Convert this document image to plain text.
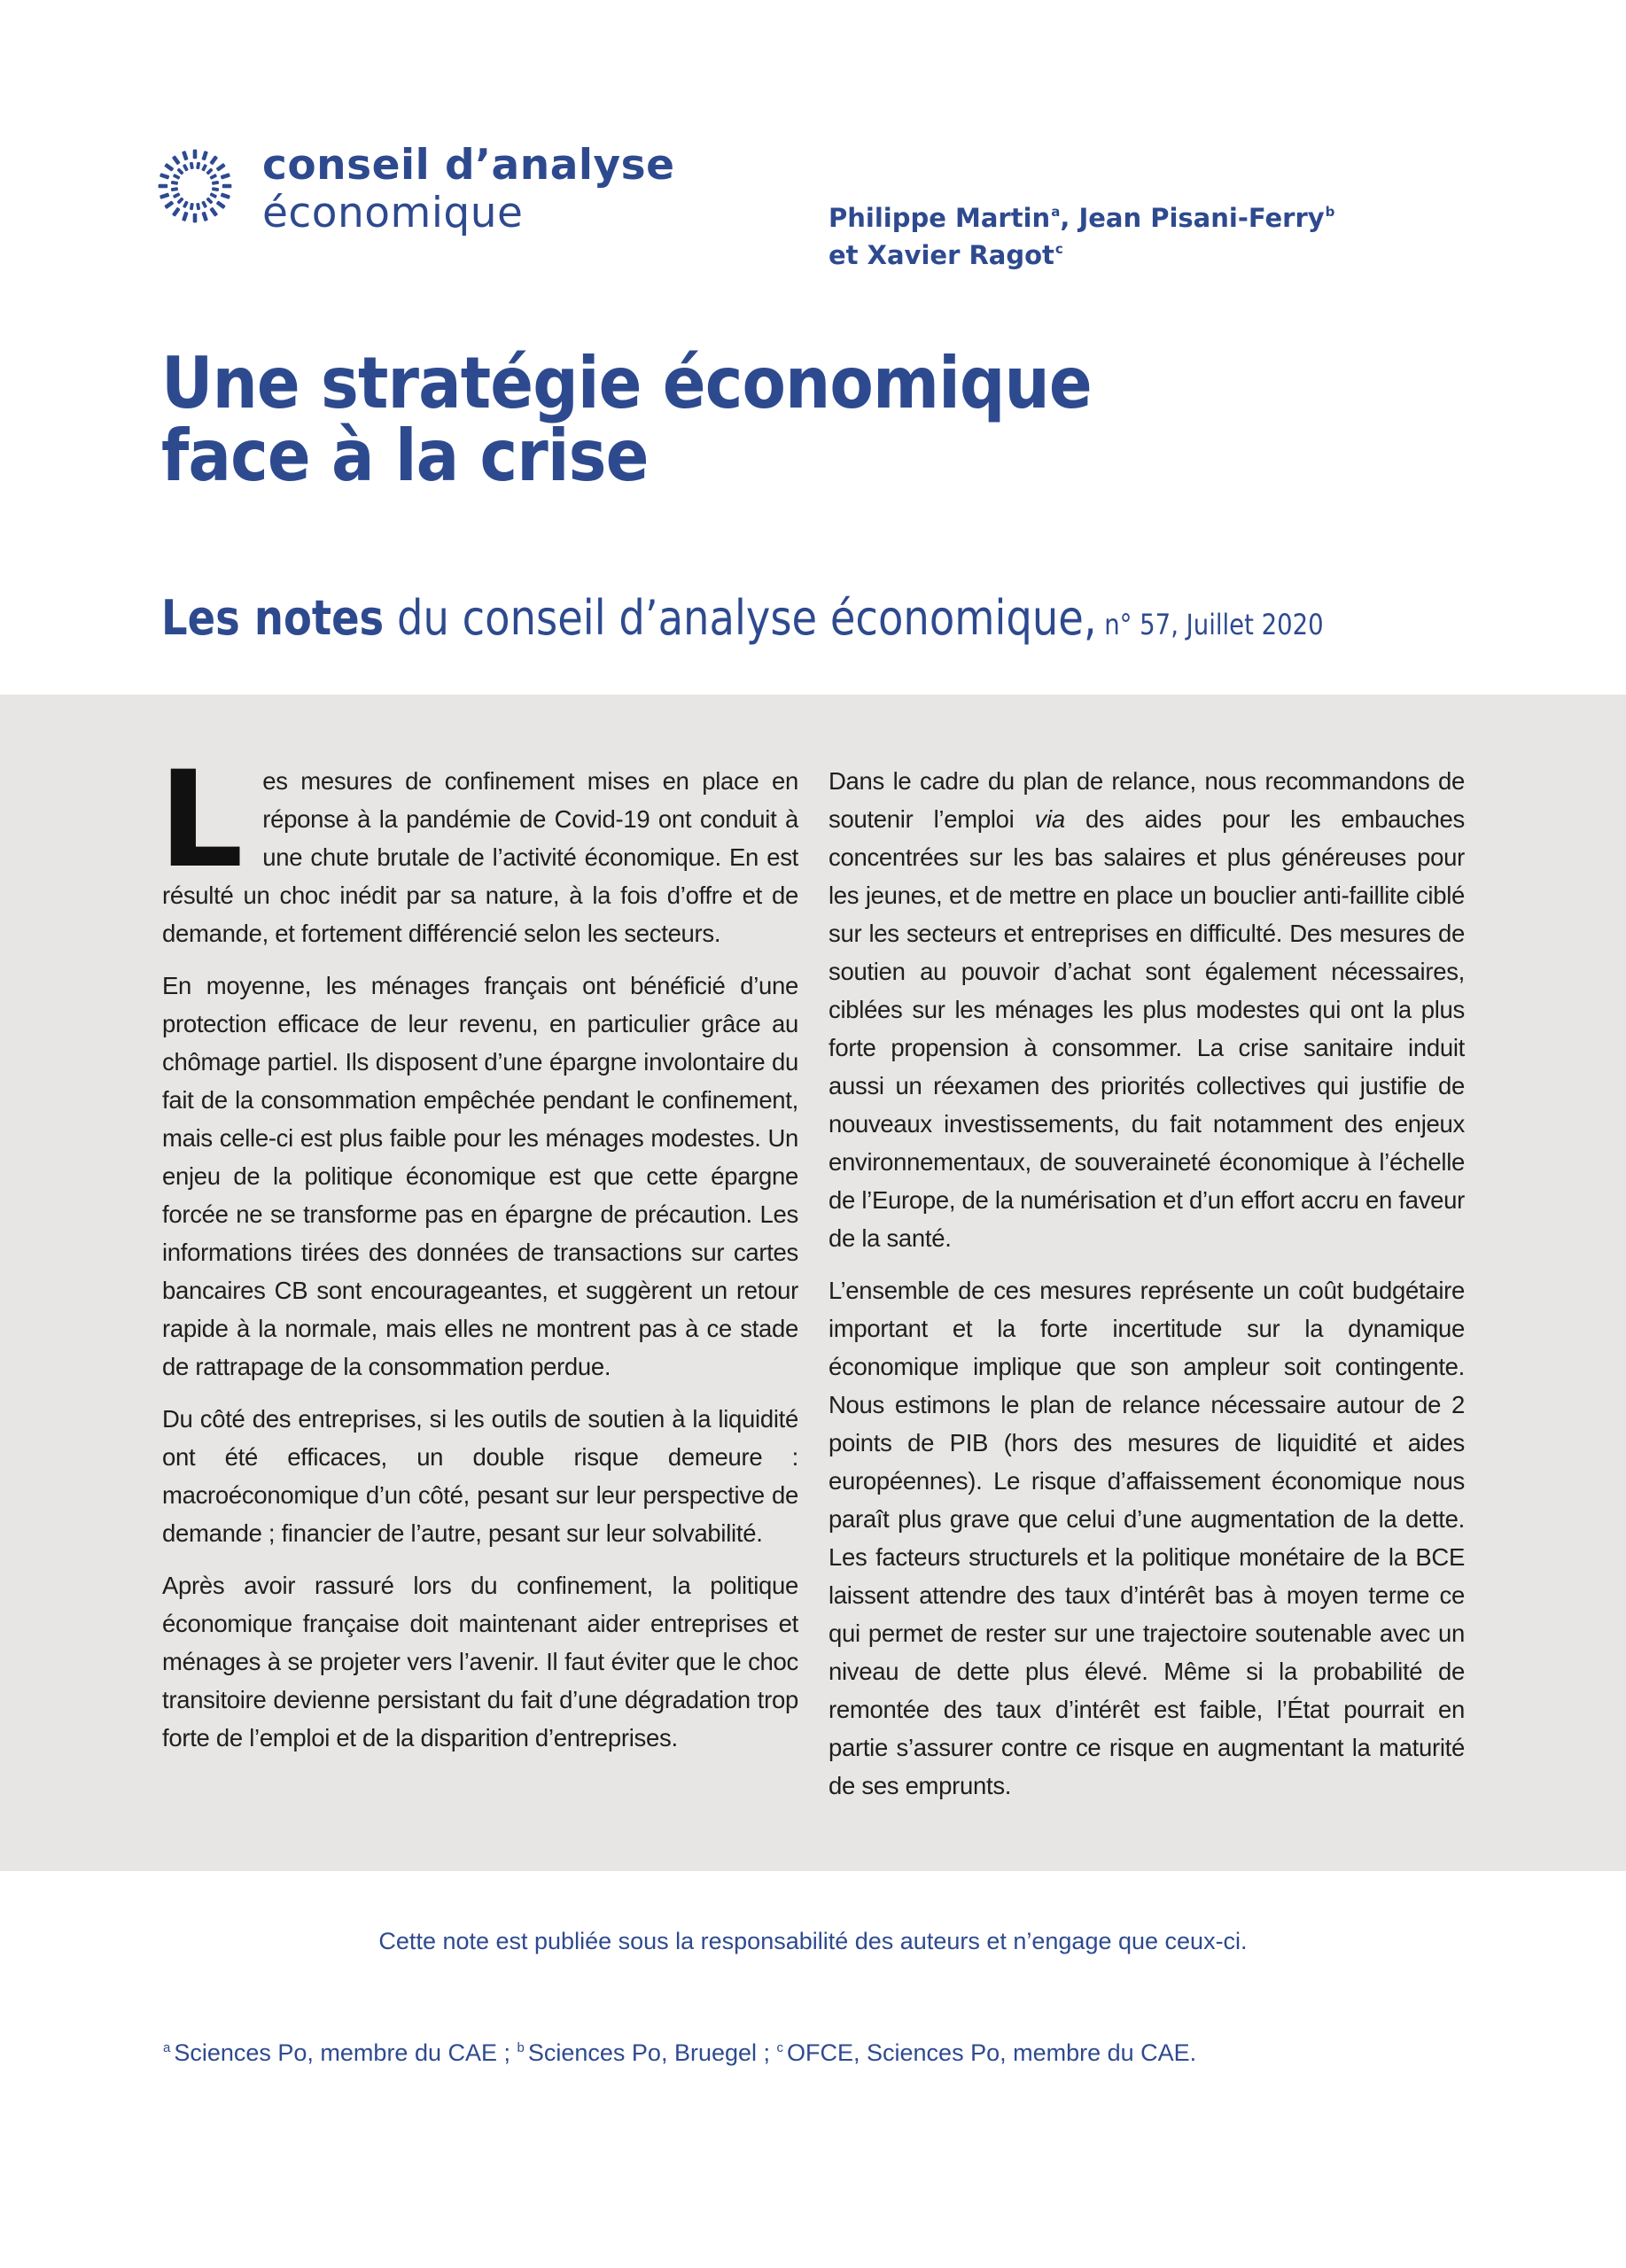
conseil d’analyse
économique	Philippe Martin$^a$, Jean Pisani-Ferry$^b$
et Xavier Ragot$^c$
Une stratégie économique
face à la crise
Les notes du conseil d’analyse économique, n° 57, Juillet 2020

Les mesures de confinement mises en place en réponse à la pandémie de Covid-19 ont conduit à une chute brutale de l’activité économique. En est résulté un choc inédit par sa nature, à la fois d’offre et de demande, et fortement différencié selon les secteurs.

En moyenne, les ménages français ont bénéficié d’une protection efficace de leur revenu, en particulier grâce au chômage partiel. Ils disposent d’une épargne involontaire du fait de la consommation empêchée pendant le confinement, mais celle-ci est plus faible pour les ménages modestes. Un enjeu de la politique économique est que cette épargne forcée ne se transforme pas en épargne de précaution. Les informations tirées des données de transactions sur cartes bancaires CB sont encourageantes, et suggèrent un retour rapide à la normale, mais elles ne montrent pas à ce stade de rattrapage de la consommation perdue.

Du côté des entreprises, si les outils de soutien à la liquidité ont été efficaces, un double risque demeure : macroéconomique d’un côté, pesant sur leur perspective de demande ; financier de l’autre, pesant sur leur solvabilité.

Après avoir rassuré lors du confinement, la politique économique française doit maintenant aider entreprises et ménages à se projeter vers l’avenir. Il faut éviter que le choc transitoire devienne persistant du fait d’une dégradation trop forte de l’emploi et de la disparition d’entreprises.

Dans le cadre du plan de relance, nous recommandons de soutenir l’emploi via des aides pour les embauches concentrées sur les bas salaires et plus généreuses pour les jeunes, et de mettre en place un bouclier anti-faillite ciblé sur les secteurs et entreprises en difficulté. Des mesures de soutien au pouvoir d’achat sont également nécessaires, ciblées sur les ménages les plus modestes qui ont la plus forte propension à consommer. La crise sanitaire induit aussi un réexamen des priorités collectives qui justifie de nouveaux investissements, du fait notamment des enjeux environnementaux, de souveraineté économique à l’échelle de l’Europe, de la numérisation et d’un effort accru en faveur de la santé.

L’ensemble de ces mesures représente un coût budgétaire important et la forte incertitude sur la dynamique économique implique que son ampleur soit contingente. Nous estimons le plan de relance nécessaire autour de 2 points de PIB (hors des mesures de liquidité et aides européennes). Le risque d’affaissement économique nous paraît plus grave que celui d’une augmentation de la dette. Les facteurs structurels et la politique monétaire de la BCE laissent attendre des taux d’intérêt bas à moyen terme ce qui permet de rester sur une trajectoire soutenable avec un niveau de dette plus élevé. Même si la probabilité de remontée des taux d’intérêt est faible, l’État pourrait en partie s’assurer contre ce risque en augmentant la maturité de ses emprunts.

Cette note est publiée sous la responsabilité des auteurs et n’engage que ceux-ci.
$^a$ Sciences Po, membre du CAE ; $^b$ Sciences Po, Bruegel ; $^c$ OFCE, Sciences Po, membre du CAE.
